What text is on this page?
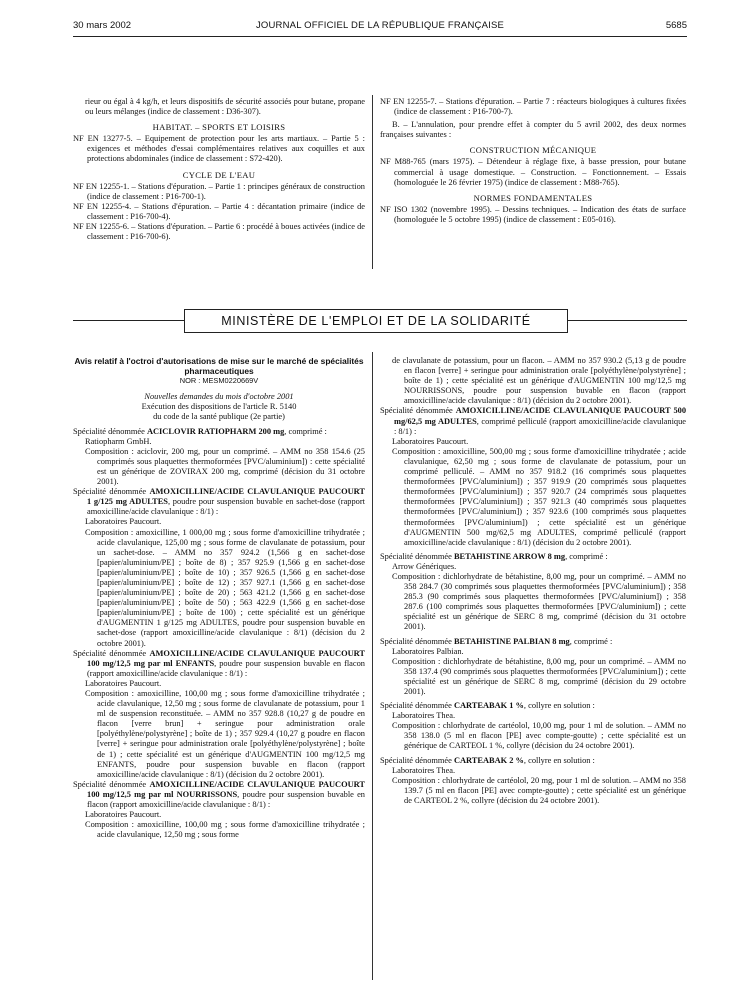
30 mars 2002	JOURNAL OFFICIEL DE LA RÉPUBLIQUE FRANÇAISE	5685

rieur ou égal à 4 kg/h, et leurs dispositifs de sécurité associés pour butane, propane ou leurs mélanges (indice de classement : D36-307).

HABITAT. – SPORTS ET LOISIRS

NF EN 13277-5. – Equipement de protection pour les arts martiaux. – Partie 5 : exigences et méthodes d'essai complémentaires relatives aux coquilles et aux protections abdominales (indice de classement : S72-420).

CYCLE DE L'EAU

NF EN 12255-1. – Stations d'épuration. – Partie 1 : principes généraux de construction (indice de classement : P16-700-1).

NF EN 12255-4. – Stations d'épuration. – Partie 4 : décantation primaire (indice de classement : P16-700-4).

NF EN 12255-6. – Stations d'épuration. – Partie 6 : procédé à boues activées (indice de classement : P16-700-6).

NF EN 12255-7. – Stations d'épuration. – Partie 7 : réacteurs biologiques à cultures fixées (indice de classement : P16-700-7).

B. – L'annulation, pour prendre effet à compter du 5 avril 2002, des deux normes françaises suivantes :

CONSTRUCTION MÉCANIQUE

NF M88-765 (mars 1975). – Détendeur à réglage fixe, à basse pression, pour butane commercial à usage domestique. – Construction. – Fonctionnement. – Essais (homologuée le 26 février 1975) (indice de classement : M88-765).

NORMES FONDAMENTALES

NF ISO 1302 (novembre 1995). – Dessins techniques. – Indication des états de surface (homologuée le 5 octobre 1995) (indice de classement : E05-016).

MINISTÈRE DE L'EMPLOI ET DE LA SOLIDARITÉ

Avis relatif à l'octroi d'autorisations de mise sur le marché de spécialités pharmaceutiques

NOR : MESM0220669V

Nouvelles demandes du mois d'octobre 2001

Exécution des dispositions de l'article R. 5140

du code de la santé publique (2e partie)

Spécialité dénommée ACICLOVIR RATIOPHARM 200 mg, comprimé :

Ratiopharm GmbH.

Composition : aciclovir, 200 mg, pour un comprimé. – AMM no 358 154.6 (25 comprimés sous plaquettes thermoformées [PVC/aluminium]) : cette spécialité est un générique de ZOVIRAX 200 mg, comprimé (décision du 31 octobre 2001).

Spécialité dénommée AMOXICILLINE/ACIDE CLAVULANIQUE PAUCOURT 1 g/125 mg ADULTES, poudre pour suspension buvable en sachet-dose (rapport amoxicilline/acide clavulanique : 8/1) :

Laboratoires Paucourt.

Composition : amoxicilline, 1 000,00 mg ; sous forme d'amoxicilline trihydratée ; acide clavulanique, 125,00 mg ; sous forme de clavulanate de potassium, pour un sachet-dose. – AMM no 357 924.2 (1,566 g en sachet-dose [papier/aluminium/PE] ; boîte de 8) ; 357 925.9 (1,566 g en sachet-dose [papier/aluminium/PE] ; boîte de 10) ; 357 926.5 (1,566 g en sachet-dose [papier/aluminium/PE] ; boîte de 12) ; 357 927.1 (1,566 g en sachet-dose [papier/aluminium/PE] ; boîte de 20) ; 563 421.2 (1,566 g en sachet-dose [papier/aluminium/PE] ; boîte de 50) ; 563 422.9 (1,566 g en sachet-dose [papier/aluminium/PE] ; boîte de 100) ; cette spécialité est un générique d'AUGMENTIN 1 g/125 mg ADULTES, poudre pour suspension buvable en sachet-dose (rapport amoxicilline/acide clavulanique : 8/1) (décision du 2 octobre 2001).

Spécialité dénommée AMOXICILLINE/ACIDE CLAVULANIQUE PAUCOURT 100 mg/12,5 mg par ml ENFANTS, poudre pour suspension buvable en flacon (rapport amoxicilline/acide clavulanique : 8/1) :

Laboratoires Paucourt.

Composition : amoxicilline, 100,00 mg ; sous forme d'amoxicilline trihydratée ; acide clavulanique, 12,50 mg ; sous forme de clavulanate de potassium, pour 1 ml de suspension reconstituée. – AMM no 357 928.8 (10,27 g de poudre en flacon [verre brun] + seringue pour administration orale [polyéthylène/polystyrène] ; boîte de 1) ; 357 929.4 (10,27 g poudre en flacon [verre] + seringue pour administration orale [polyéthylène/polystyrène] ; boîte de 1) ; cette spécialité est un générique d'AUGMENTIN 100 mg/12,5 mg ENFANTS, poudre pour suspension buvable en flacon (rapport amoxicilline/acide clavulanique : 8/1) (décision du 2 octobre 2001).

Spécialité dénommée AMOXICILLINE/ACIDE CLAVULANIQUE PAUCOURT 100 mg/12,5 mg par ml NOURRISSONS, poudre pour suspension buvable en flacon (rapport amoxicilline/acide clavulanique : 8/1) :

Laboratoires Paucourt.

Composition : amoxicilline, 100,00 mg ; sous forme d'amoxicilline trihydratée ; acide clavulanique, 12,50 mg ; sous forme

de clavulanate de potassium, pour un flacon. – AMM no 357 930.2 (5,13 g de poudre en flacon [verre] + seringue pour administration orale [polyéthylène/polystyrène] ; boîte de 1) ; cette spécialité est un générique d'AUGMENTIN 100 mg/12,5 mg NOURRISSONS, poudre pour suspension buvable en flacon (rapport amoxicilline/acide clavulanique : 8/1) (décision du 2 octobre 2001).

Spécialité dénommée AMOXICILLINE/ACIDE CLAVULANIQUE PAUCOURT 500 mg/62,5 mg ADULTES, comprimé pelliculé (rapport amoxicilline/acide clavulanique : 8/1) :

Laboratoires Paucourt.

Composition : amoxicilline, 500,00 mg ; sous forme d'amoxicilline trihydratée ; acide clavulanique, 62,50 mg ; sous forme de clavulanate de potassium, pour un comprimé pelliculé. – AMM no 357 918.2 (16 comprimés sous plaquettes thermoformées [PVC/aluminium]) ; 357 919.9 (20 comprimés sous plaquettes thermoformées [PVC/aluminium]) ; 357 920.7 (24 comprimés sous plaquettes thermoformées [PVC/aluminium]) ; 357 921.3 (40 comprimés sous plaquettes thermoformées [PVC/aluminium]) ; 357 923.6 (100 comprimés sous plaquettes thermoformées [PVC/aluminium]) ; cette spécialité est un générique d'AUGMENTIN 500 mg/62,5 mg ADULTES, comprimé pelliculé (rapport amoxicilline/acide clavulanique : 8/1) (décision du 2 octobre 2001).

Spécialité dénommée BETAHISTINE ARROW 8 mg, comprimé :

Arrow Génériques.

Composition : dichlorhydrate de bétahistine, 8,00 mg, pour un comprimé. – AMM no 358 284.7 (30 comprimés sous plaquettes thermoformées [PVC/aluminium]) ; 358 285.3 (90 comprimés sous plaquettes thermoformées [PVC/aluminium]) ; 358 287.6 (100 comprimés sous plaquettes thermoformées [PVC/aluminium]) ; cette spécialité est un générique de SERC 8 mg, comprimé (décision du 31 octobre 2001).

Spécialité dénommée BETAHISTINE PALBIAN 8 mg, comprimé :

Laboratoires Palbian.

Composition : dichlorhydrate de bétahistine, 8,00 mg, pour un comprimé. – AMM no 358 137.4 (90 comprimés sous plaquettes thermoformées [PVC/aluminium]) ; cette spécialité est un générique de SERC 8 mg, comprimé (décision du 29 octobre 2001).

Spécialité dénommée CARTEABAK 1 %, collyre en solution :

Laboratoires Thea.

Composition : chlorhydrate de cartéolol, 10,00 mg, pour 1 ml de solution. – AMM no 358 138.0 (5 ml en flacon [PE] avec compte-goutte) ; cette spécialité est un générique de CARTEOL 1 %, collyre (décision du 24 octobre 2001).

Spécialité dénommée CARTEABAK 2 %, collyre en solution :

Laboratoires Thea.

Composition : chlorhydrate de cartéolol, 20 mg, pour 1 ml de solution. – AMM no 358 139.7 (5 ml en flacon [PE] avec compte-goutte) ; cette spécialité est un générique de CARTEOL 2 %, collyre (décision du 24 octobre 2001).
